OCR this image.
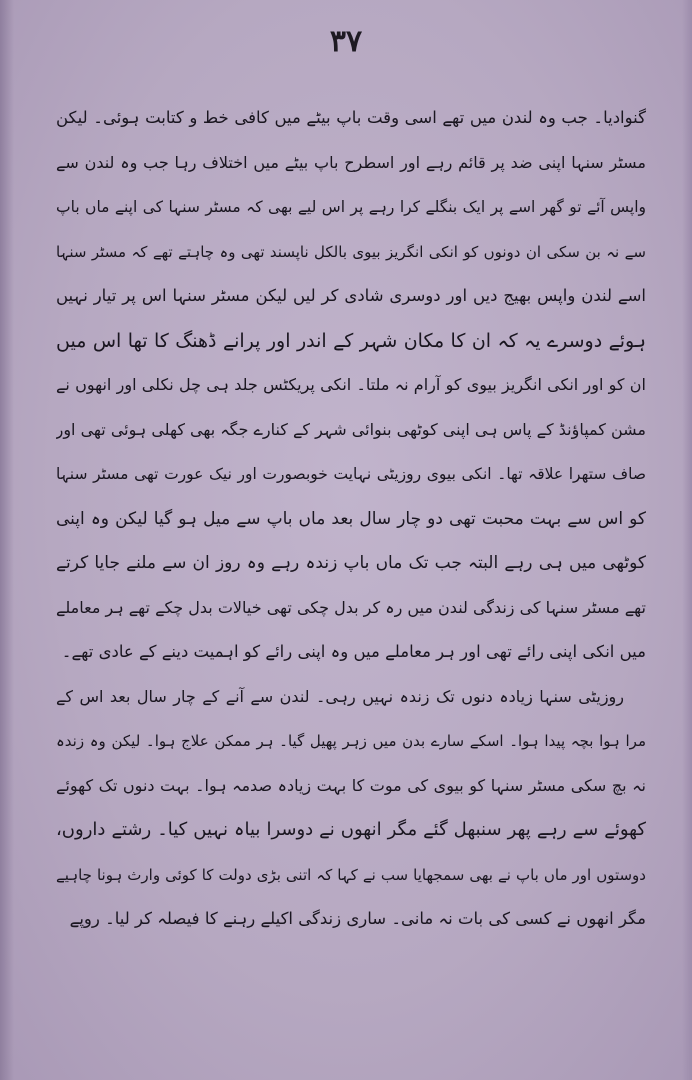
۳۷
گنوادیا۔ جب وہ لندن میں تھے اسی وقت باپ بیٹے میں کافی خط و کتابت ہوئی۔ لیکن
مسٹر سنہا اپنی ضد پر قائم رہے اور اسطرح باپ بیٹے میں اختلاف رہا جب وہ لندن سے
واپس آئے تو گھر اسے پر ایک بنگلے کرا رہے پر اس لیے بھی کہ مسٹر سنہا کی اپنے ماں باپ
سے نہ بن سکی ان دونوں کو انکی انگریز بیوی بالکل ناپسند تھی وہ چاہتے تھے کہ مسٹر سنہا
اسے لندن واپس بھیج دیں اور دوسری شادی کر لیں لیکن مسٹر سنہا اس پر تیار نہیں
ہوئے دوسرے یہ کہ ان کا مکان شہر کے اندر اور پرانے ڈھنگ کا تھا اس میں
ان کو اور انکی انگریز بیوی کو آرام نہ ملتا۔ انکی پریکٹس جلد ہی چل نکلی اور انھوں نے
مشن کمپاؤنڈ کے پاس ہی اپنی کوٹھی بنوائی شہر کے کنارے جگہ بھی کھلی ہوئی تھی اور
صاف ستھرا علاقہ تھا۔ انکی بیوی روزیٹی نہایت خوبصورت اور نیک عورت تھی مسٹر سنہا
کو اس سے بہت محبت تھی دو چار سال بعد ماں باپ سے میل ہو گیا لیکن وہ اپنی
کوٹھی میں ہی رہے البتہ جب تک ماں باپ زندہ رہے وہ روز ان سے ملنے جایا کرتے
تھے مسٹر سنہا کی زندگی لندن میں رہ کر بدل چکی تھی خیالات بدل چکے تھے ہر معاملے
میں انکی اپنی رائے تھی اور ہر معاملے میں وہ اپنی رائے کو اہمیت دینے کے عادی تھے۔
روزیٹی سنہا زیادہ دنوں تک زندہ نہیں رہی۔ لندن سے آنے کے چار سال بعد اس کے
مرا ہوا بچہ پیدا ہوا۔ اسکے سارے بدن میں زہر پھیل گیا۔ ہر ممکن علاج ہوا۔ لیکن وہ زندہ
نہ بچ سکی مسٹر سنہا کو بیوی کی موت کا بہت زیادہ صدمہ ہوا۔ بہت دنوں تک کھوئے
کھوئے سے رہے پھر سنبھل گئے مگر انھوں نے دوسرا بیاہ نہیں کیا۔ رشتے داروں،
دوستوں اور ماں باپ نے بھی سمجھایا سب نے کہا کہ اتنی بڑی دولت کا کوئی وارث ہونا چاہیے
مگر انھوں نے کسی کی بات نہ مانی۔ ساری زندگی اکیلے رہنے کا فیصلہ کر لیا۔ روپے
